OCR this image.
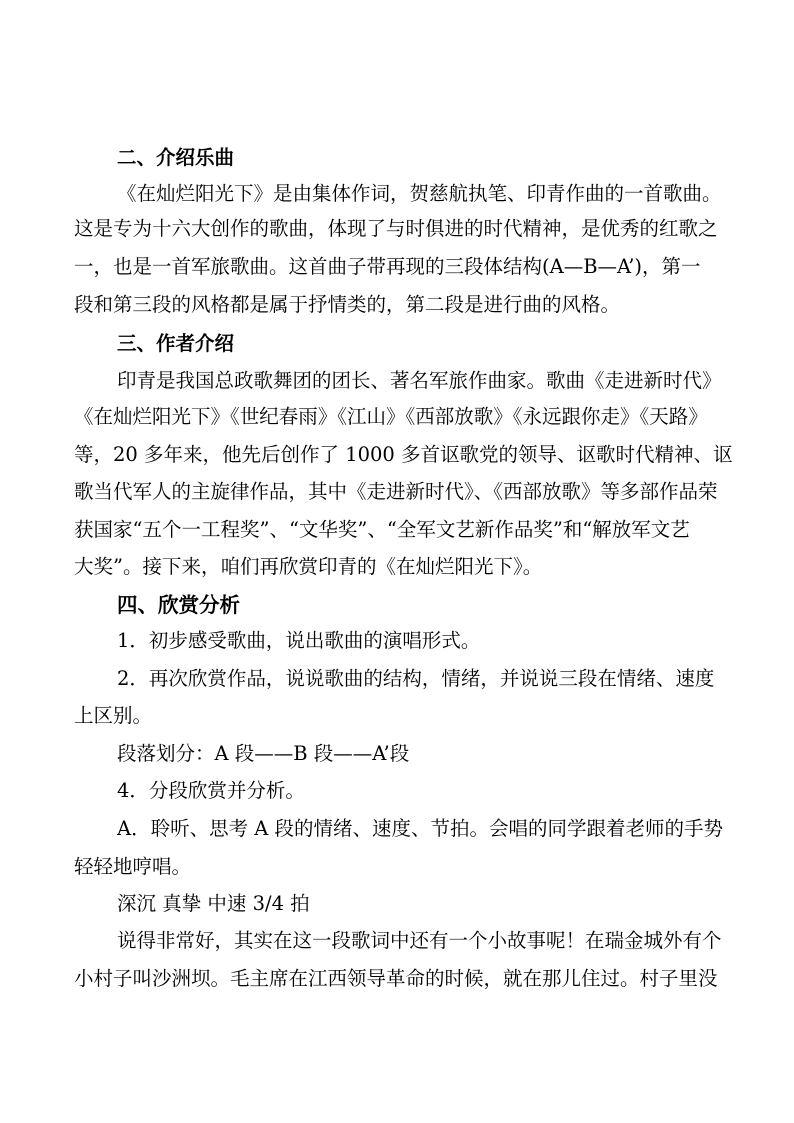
二、介绍乐曲
《在灿烂阳光下》是由集体作词，贺慈航执笔、印青作曲的一首歌曲。
这是专为十六大创作的歌曲，体现了与时俱进的时代精神，是优秀的红歌之
一，也是一首军旅歌曲。这首曲子带再现的三段体结构(A—B—A’)，第一
段和第三段的风格都是属于抒情类的，第二段是进行曲的风格。
三、作者介绍
印青是我国总政歌舞团的团长、著名军旅作曲家。歌曲《走进新时代》
《在灿烂阳光下》《世纪春雨》《江山》《西部放歌》《永远跟你走》《天路》
等，20 多年来，他先后创作了 1000 多首讴歌党的领导、讴歌时代精神、讴
歌当代军人的主旋律作品，其中《走进新时代》、《西部放歌》等多部作品荣
获国家“五个一工程奖”、“文华奖”、“全军文艺新作品奖”和“解放军文艺
大奖”。接下来，咱们再欣赏印青的《在灿烂阳光下》。
四、欣赏分析
1．初步感受歌曲，说出歌曲的演唱形式。
2．再次欣赏作品，说说歌曲的结构，情绪，并说说三段在情绪、速度
上区别。
段落划分：A 段——B 段——A’段
4．分段欣赏并分析。
A．聆听、思考 A 段的情绪、速度、节拍。会唱的同学跟着老师的手势
轻轻地哼唱。
深沉 真挚 中速 3/4 拍
说得非常好，其实在这一段歌词中还有一个小故事呢！在瑞金城外有个
小村子叫沙洲坝。毛主席在江西领导革命的时候，就在那儿住过。村子里没
